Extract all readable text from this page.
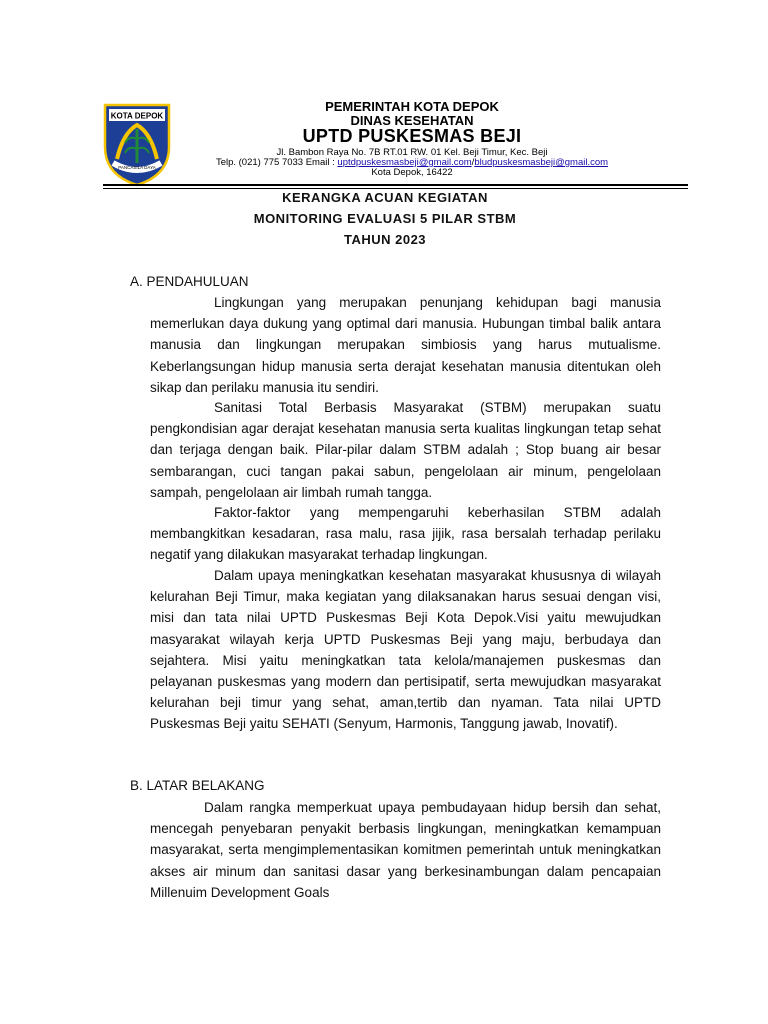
KOTA DEPOK
PANCASILA DAYA
PEMERINTAH KOTA DEPOK
DINAS KESEHATAN
UPTD PUSKESMAS BEJI
Jl. Bambon Raya No. 7B RT.01 RW. 01 Kel. Beji Timur, Kec. Beji
Telp. (021) 775 7033 Email : uptdpuskesmasbeji@gmail.com/bludpuskesmasbeji@gmail.com
Kota Depok, 16422
KERANGKA ACUAN KEGIATAN
MONITORING EVALUASI 5 PILAR STBM
TAHUN 2023
A. PENDAHULUAN
Lingkungan yang merupakan penunjang kehidupan bagi manusia memerlukan daya dukung yang optimal dari manusia. Hubungan timbal balik antara manusia dan lingkungan merupakan simbiosis yang harus mutualisme. Keberlangsungan hidup manusia serta derajat kesehatan manusia ditentukan oleh sikap dan perilaku manusia itu sendiri.
Sanitasi Total Berbasis Masyarakat (STBM) merupakan suatu pengkondisian agar derajat kesehatan manusia serta kualitas lingkungan tetap sehat dan terjaga dengan baik. Pilar-pilar dalam STBM adalah ; Stop buang air besar sembarangan, cuci tangan pakai sabun, pengelolaan air minum, pengelolaan sampah, pengelolaan air limbah rumah tangga.
Faktor-faktor yang mempengaruhi keberhasilan STBM adalah membangkitkan kesadaran, rasa malu, rasa jijik, rasa bersalah terhadap perilaku negatif yang dilakukan masyarakat terhadap lingkungan.
Dalam upaya meningkatkan kesehatan masyarakat khususnya di wilayah kelurahan Beji Timur, maka kegiatan yang dilaksanakan harus sesuai dengan visi, misi dan tata nilai UPTD Puskesmas Beji Kota Depok.Visi yaitu mewujudkan masyarakat wilayah kerja UPTD Puskesmas Beji yang maju, berbudaya dan sejahtera. Misi yaitu meningkatkan tata kelola/manajemen puskesmas dan pelayanan puskesmas yang modern dan pertisipatif, serta mewujudkan masyarakat kelurahan beji timur yang sehat, aman,tertib dan nyaman. Tata nilai UPTD Puskesmas Beji yaitu SEHATI (Senyum, Harmonis, Tanggung jawab, Inovatif).
B. LATAR BELAKANG
Dalam rangka memperkuat upaya pembudayaan hidup bersih dan sehat, mencegah penyebaran penyakit berbasis lingkungan, meningkatkan kemampuan masyarakat, serta mengimplementasikan komitmen pemerintah untuk meningkatkan akses air minum dan sanitasi dasar yang berkesinambungan dalam pencapaian Millenuim Development Goals
